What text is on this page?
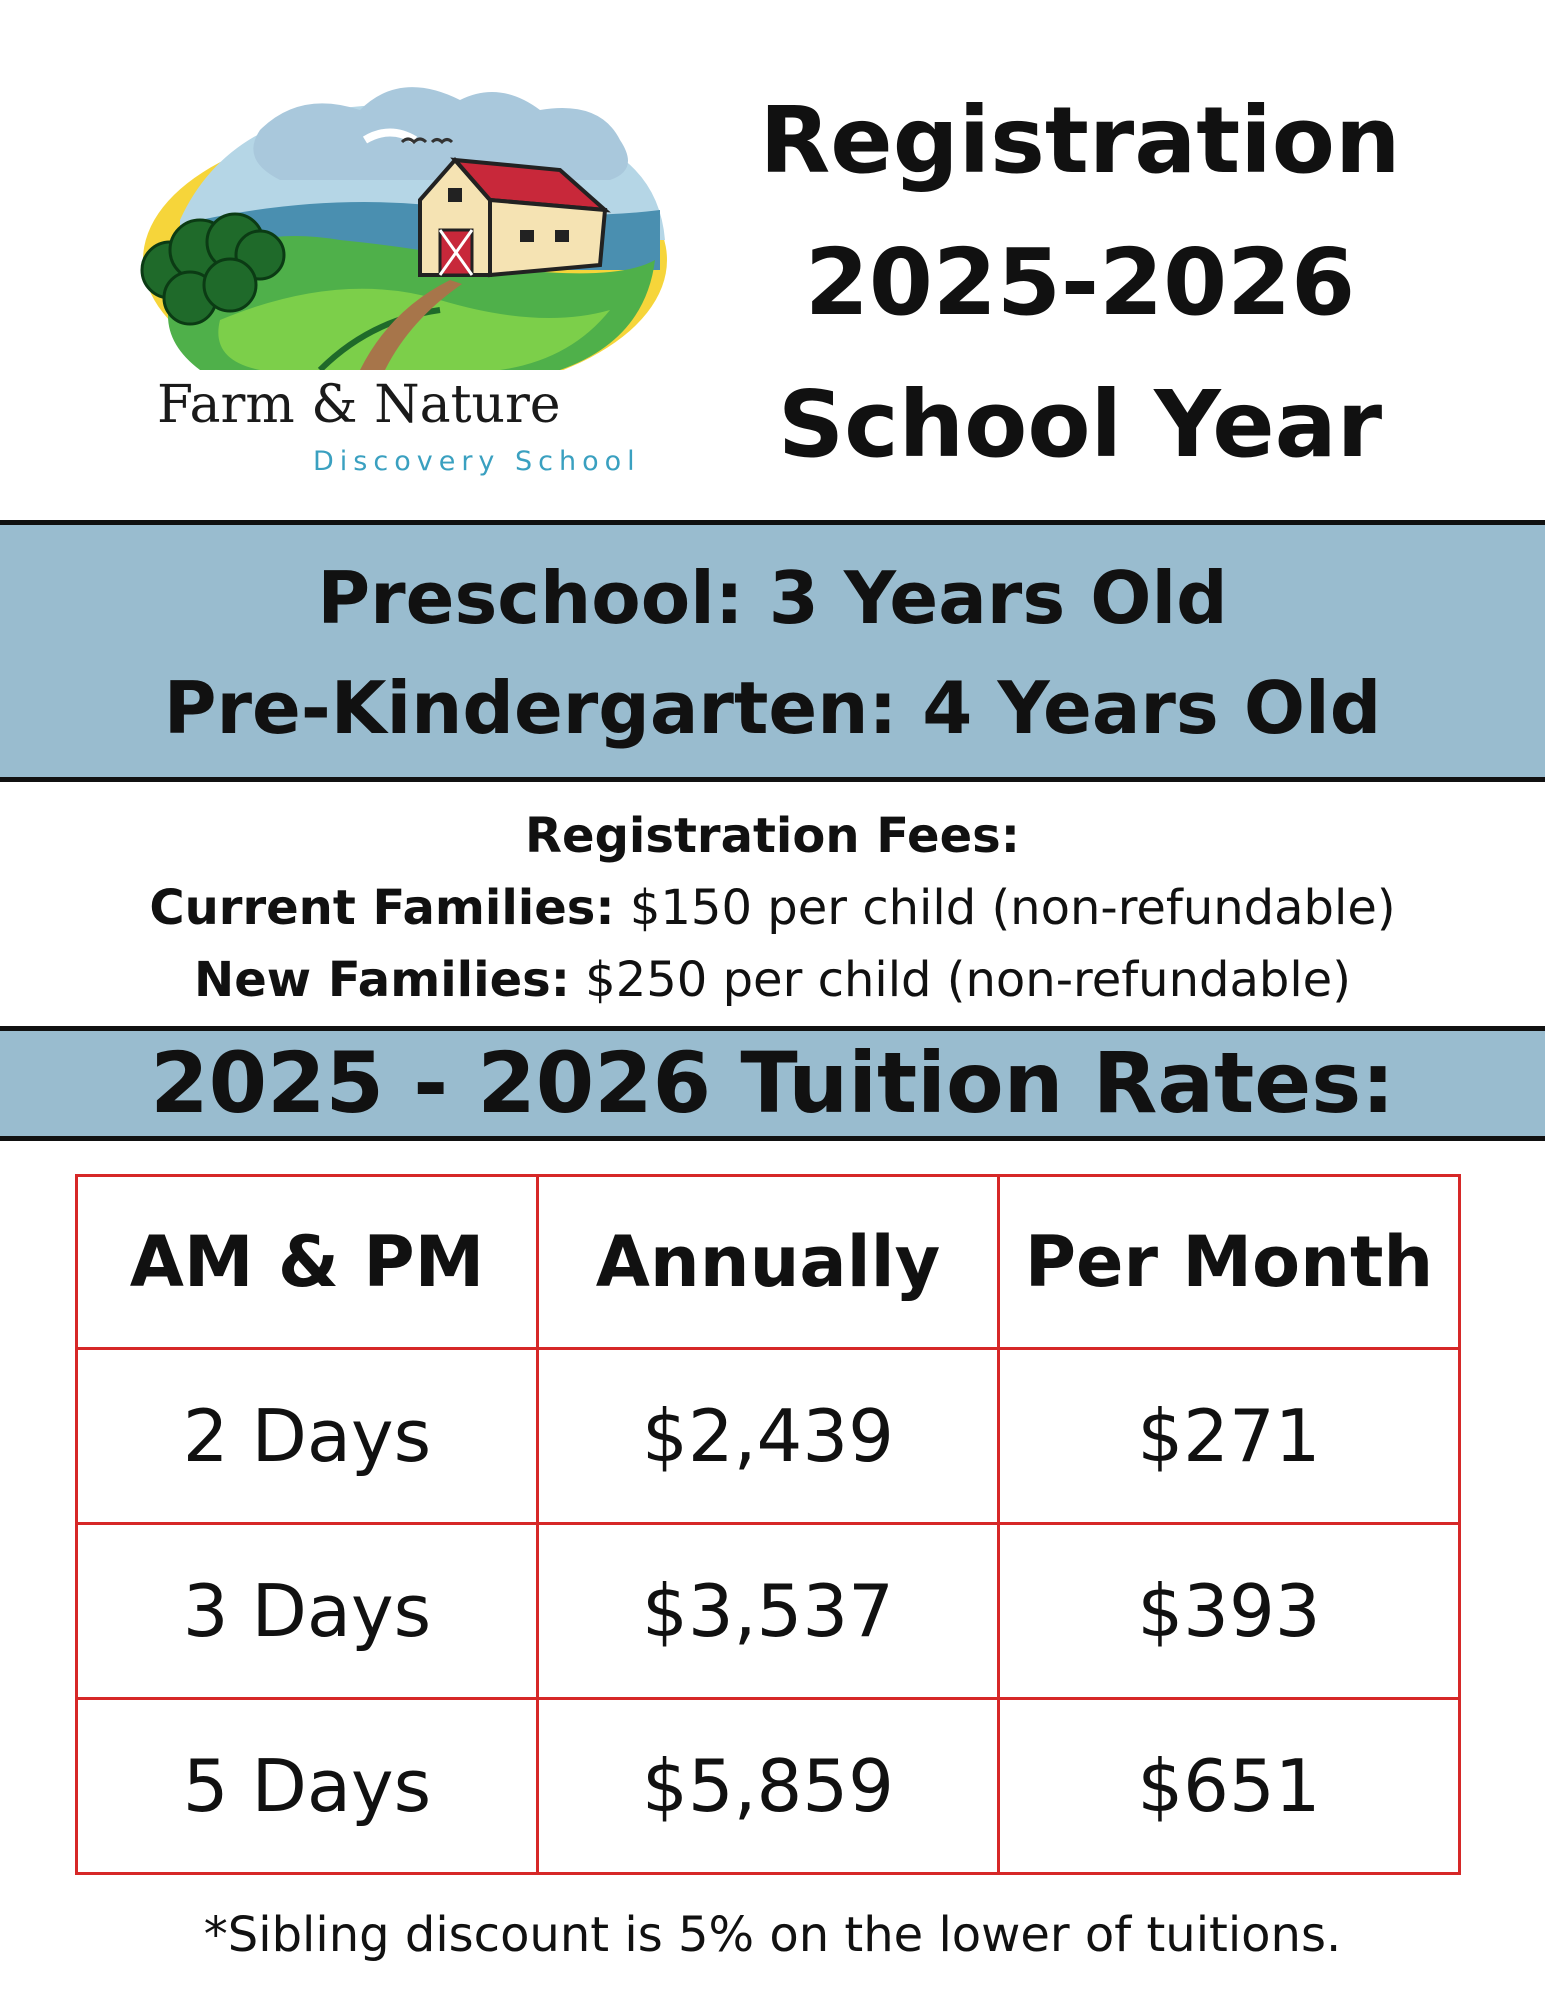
Farm & Nature
Discovery School
Registration
2025-2026
School Year
Preschool: 3 Years Old
Pre-Kindergarten: 4 Years Old
Registration Fees:
Current Families: $150 per child (non-refundable)
New Families: $250 per child (non-refundable)
2025 - 2026 Tuition Rates:
AM & PM	Annually	Per Month
2 Days	$2,439	$271
3 Days	$3,537	$393
5 Days	$5,859	$651
*Sibling discount is 5% on the lower of tuitions.
